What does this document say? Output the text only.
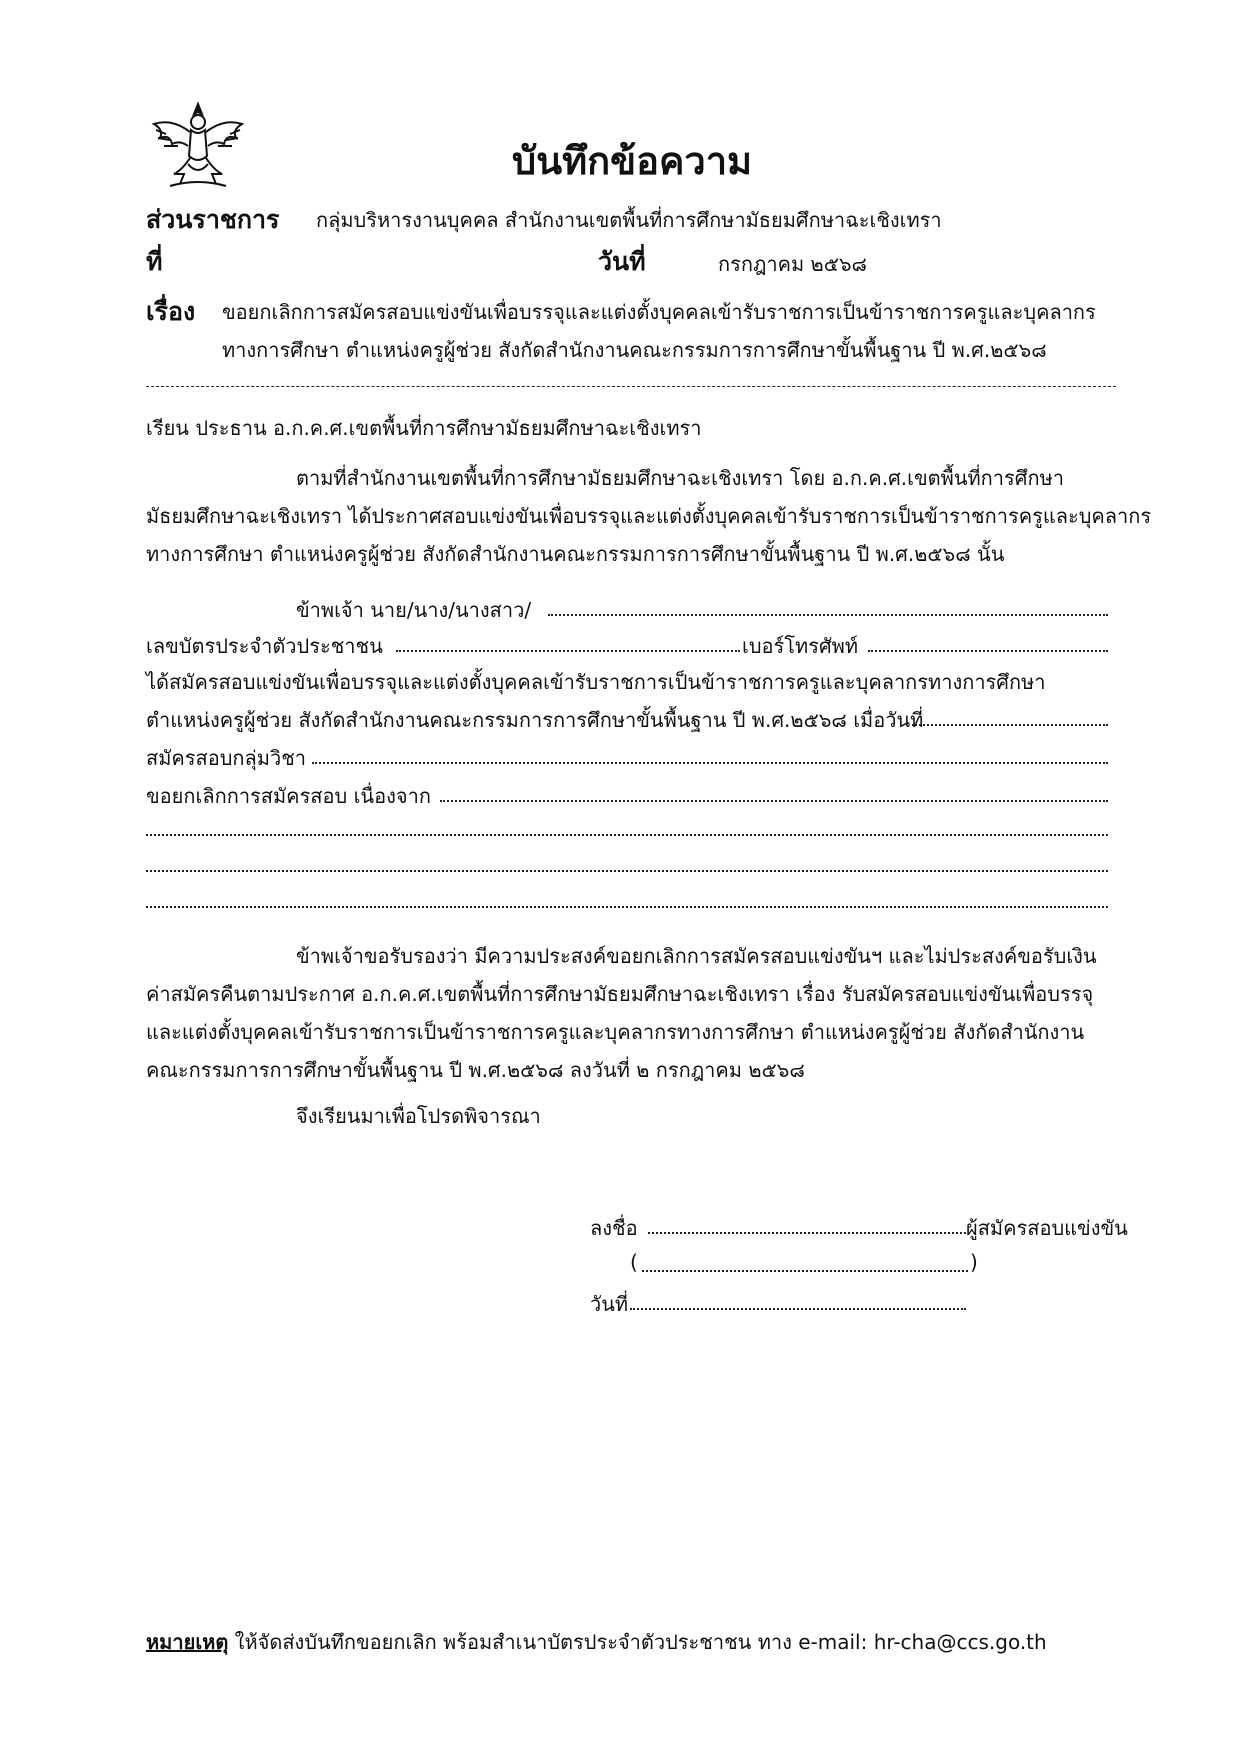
บันทึกข้อความ
ส่วนราชการ กลุ่มบริหารงานบุคคล สำนักงานเขตพื้นที่การศึกษามัธยมศึกษาฉะเชิงเทรา
ที่	วันที่	กรกฎาคม ๒๕๖๘
เรื่อง ขอยกเลิกการสมัครสอบแข่งขันเพื่อบรรจุและแต่งตั้งบุคคลเข้ารับราชการเป็นข้าราชการครูและบุคลากร
ทางการศึกษา ตำแหน่งครูผู้ช่วย สังกัดสำนักงานคณะกรรมการการศึกษาขั้นพื้นฐาน ปี พ.ศ.๒๕๖๘
เรียน ประธาน อ.ก.ค.ศ.เขตพื้นที่การศึกษามัธยมศึกษาฉะเชิงเทรา
ตามที่สำนักงานเขตพื้นที่การศึกษามัธยมศึกษาฉะเชิงเทรา โดย อ.ก.ค.ศ.เขตพื้นที่การศึกษา
มัธยมศึกษาฉะเชิงเทรา ได้ประกาศสอบแข่งขันเพื่อบรรจุและแต่งตั้งบุคคลเข้ารับราชการเป็นข้าราชการครูและบุคลากร
ทางการศึกษา ตำแหน่งครูผู้ช่วย สังกัดสำนักงานคณะกรรมการการศึกษาขั้นพื้นฐาน ปี พ.ศ.๒๕๖๘ นั้น
ข้าพเจ้า นาย/นาง/นางสาว/
เลขบัตรประจำตัวประชาชน	เบอร์โทรศัพท์
ได้สมัครสอบแข่งขันเพื่อบรรจุและแต่งตั้งบุคคลเข้ารับราชการเป็นข้าราชการครูและบุคลากรทางการศึกษา
ตำแหน่งครูผู้ช่วย สังกัดสำนักงานคณะกรรมการการศึกษาขั้นพื้นฐาน ปี พ.ศ.๒๕๖๘ เมื่อวันที่
สมัครสอบกลุ่มวิชา
ขอยกเลิกการสมัครสอบ เนื่องจาก
ข้าพเจ้าขอรับรองว่า มีความประสงค์ขอยกเลิกการสมัครสอบแข่งขันฯ และไม่ประสงค์ขอรับเงิน
ค่าสมัครคืนตามประกาศ อ.ก.ค.ศ.เขตพื้นที่การศึกษามัธยมศึกษาฉะเชิงเทรา เรื่อง รับสมัครสอบแข่งขันเพื่อบรรจุ
และแต่งตั้งบุคคลเข้ารับราชการเป็นข้าราชการครูและบุคลากรทางการศึกษา ตำแหน่งครูผู้ช่วย สังกัดสำนักงาน
คณะกรรมการการศึกษาขั้นพื้นฐาน ปี พ.ศ.๒๕๖๘ ลงวันที่ ๒ กรกฎาคม ๒๕๖๘
จึงเรียนมาเพื่อโปรดพิจารณา
ลงชื่อ	ผู้สมัครสอบแข่งขัน
(	)
วันที่
หมายเหตุ ให้จัดส่งบันทึกขอยกเลิก พร้อมสำเนาบัตรประจำตัวประชาชน ทาง e-mail: hr-cha@ccs.go.th
